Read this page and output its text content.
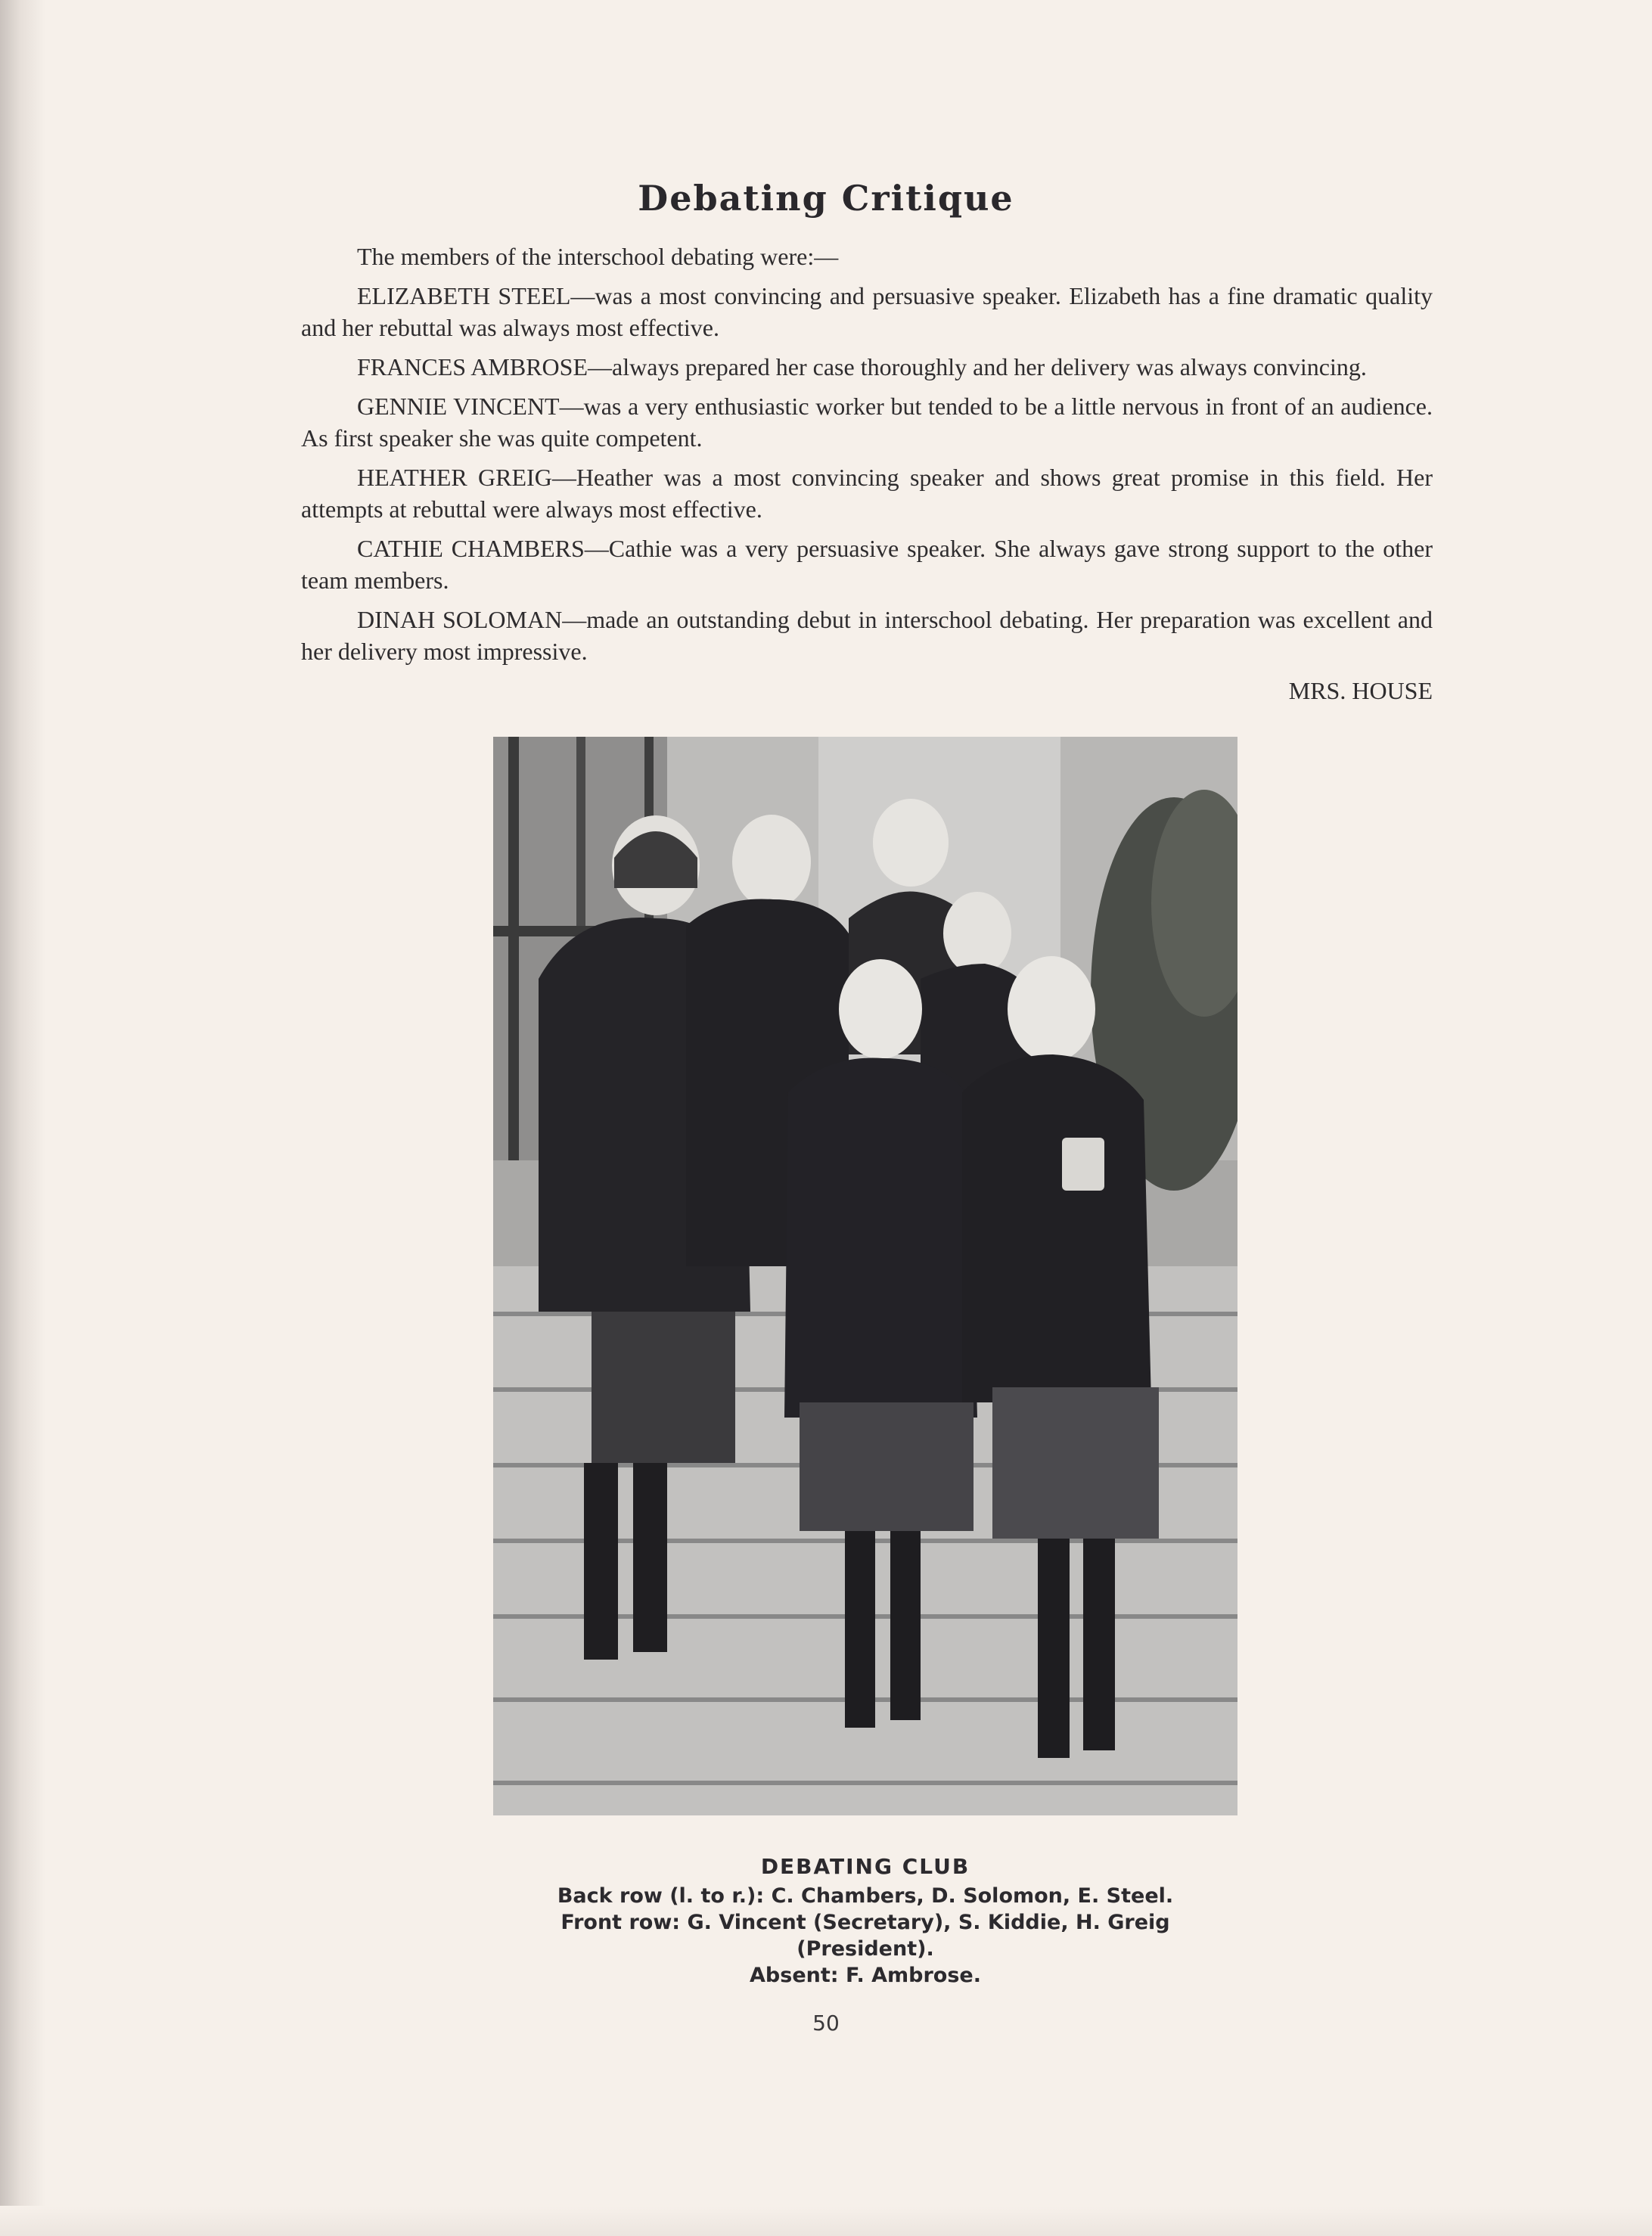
Debating Critique

The members of the interschool debating were:—

ELIZABETH STEEL—was a most convincing and persuasive speaker. Elizabeth has a fine dramatic quality and her rebuttal was always most effective.

FRANCES AMBROSE—always prepared her case thoroughly and her delivery was always convincing.

GENNIE VINCENT—was a very enthusiastic worker but tended to be a little nervous in front of an audience. As first speaker she was quite competent.

HEATHER GREIG—Heather was a most convincing speaker and shows great promise in this field. Her attempts at rebuttal were always most effective.

CATHIE CHAMBERS—Cathie was a very persuasive speaker. She always gave strong support to the other team members.

DINAH SOLOMAN—made an outstanding debut in interschool debating. Her preparation was excellent and her delivery most impressive.

MRS. HOUSE
DEBATING CLUB
Back row (l. to r.): C. Chambers, D. Solomon, E. Steel.
Front row: G. Vincent (Secretary), S. Kiddie, H. Greig
(President).
Absent: F. Ambrose.
50
